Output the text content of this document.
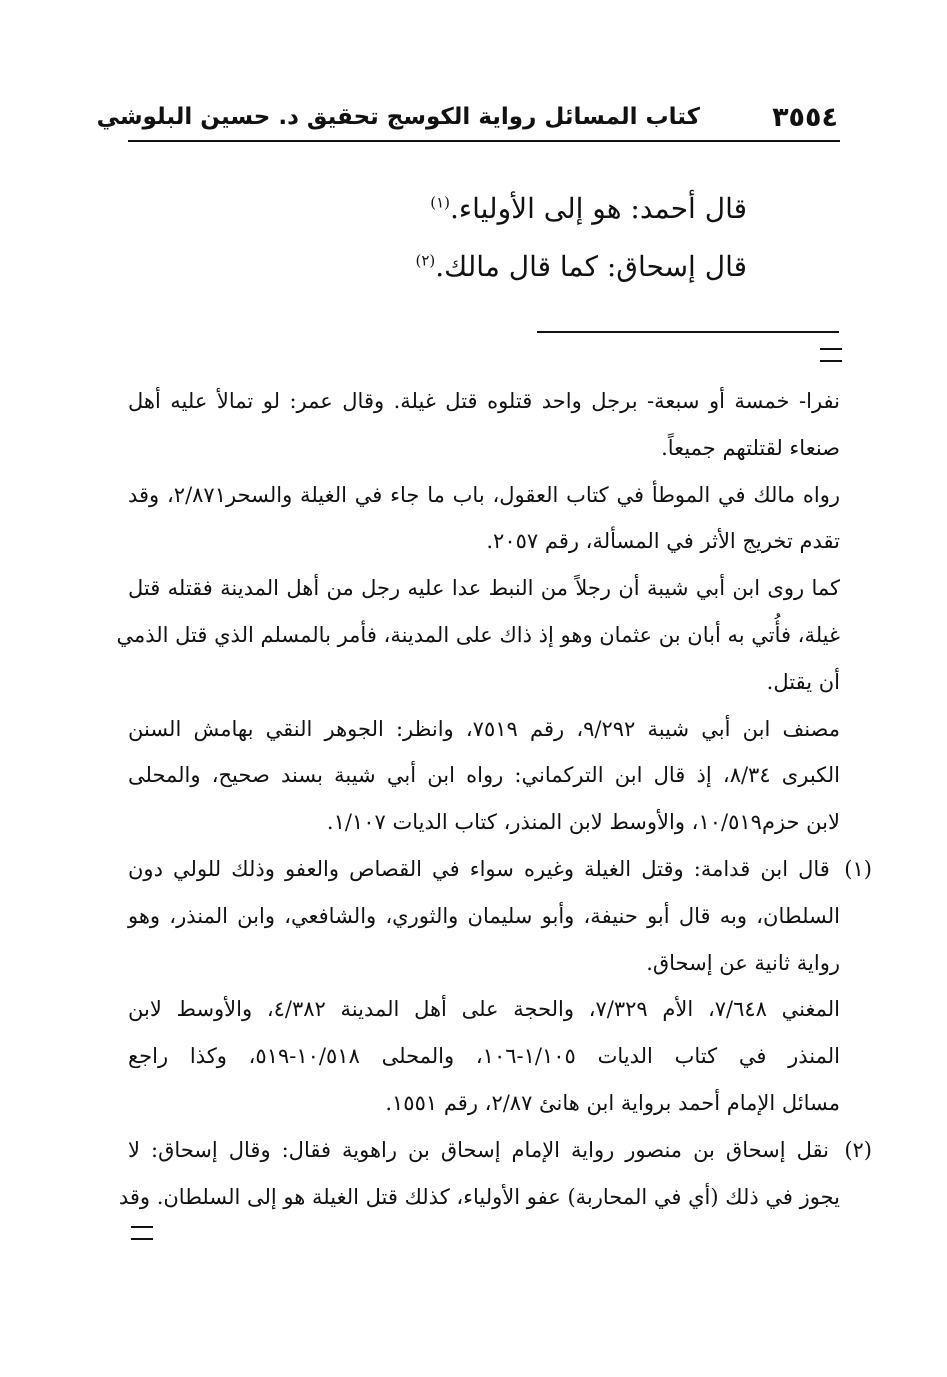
٣٥٥٤
كتاب المسائل رواية الكوسج تحقيق د. حسين البلوشي
قال أحمد: هو إلى الأولياء.$^{(١)}$
قال إسحاق: كما قال مالك.$^{(٢)}$
نفرا- خمسة أو سبعة- برجل واحد قتلوه قتل غيلة. وقال عمر: لو تمالأ عليه أهل
صنعاء لقتلتهم جميعاً.
رواه مالك في الموطأ في كتاب العقول، باب ما جاء في الغيلة والسحر٢/٨٧١، وقد
تقدم تخريج الأثر في المسألة، رقم ٢٠٥٧.
كما روى ابن أبي شيبة أن رجلاً من النبط عدا عليه رجل من أهل المدينة فقتله قتل
غيلة، فأُتي به أبان بن عثمان وهو إذ ذاك على المدينة، فأمر بالمسلم الذي قتل الذمي
أن يقتل.
مصنف ابن أبي شيبة ٩/٢٩٢، رقم ٧٥١٩، وانظر: الجوهر النقي بهامش السنن
الكبرى ٨/٣٤، إذ قال ابن التركماني: رواه ابن أبي شيبة بسند صحيح، والمحلى
لابن حزم١٠/٥١٩، والأوسط لابن المنذر، كتاب الديات ١/١٠٧.
(١) قال ابن قدامة: وقتل الغيلة وغيره سواء في القصاص والعفو وذلك للولي دون
السلطان، وبه قال أبو حنيفة، وأبو سليمان والثوري، والشافعي، وابن المنذر، وهو
رواية ثانية عن إسحاق.
المغني ٧/٦٤٨، الأم ٧/٣٢٩، والحجة على أهل المدينة ٤/٣٨٢، والأوسط لابن
المنذر في كتاب الديات ١/١٠٥-١٠٦، والمحلى ١٠/٥١٨-٥١٩، وكذا راجع
مسائل الإمام أحمد برواية ابن هانئ ٢/٨٧، رقم ١٥٥١.
(٢) نقل إسحاق بن منصور رواية الإمام إسحاق بن راهوية فقال: وقال إسحاق: لا
يجوز في ذلك (أي في المحاربة) عفو الأولياء، كذلك قتل الغيلة هو إلى السلطان. وقد
